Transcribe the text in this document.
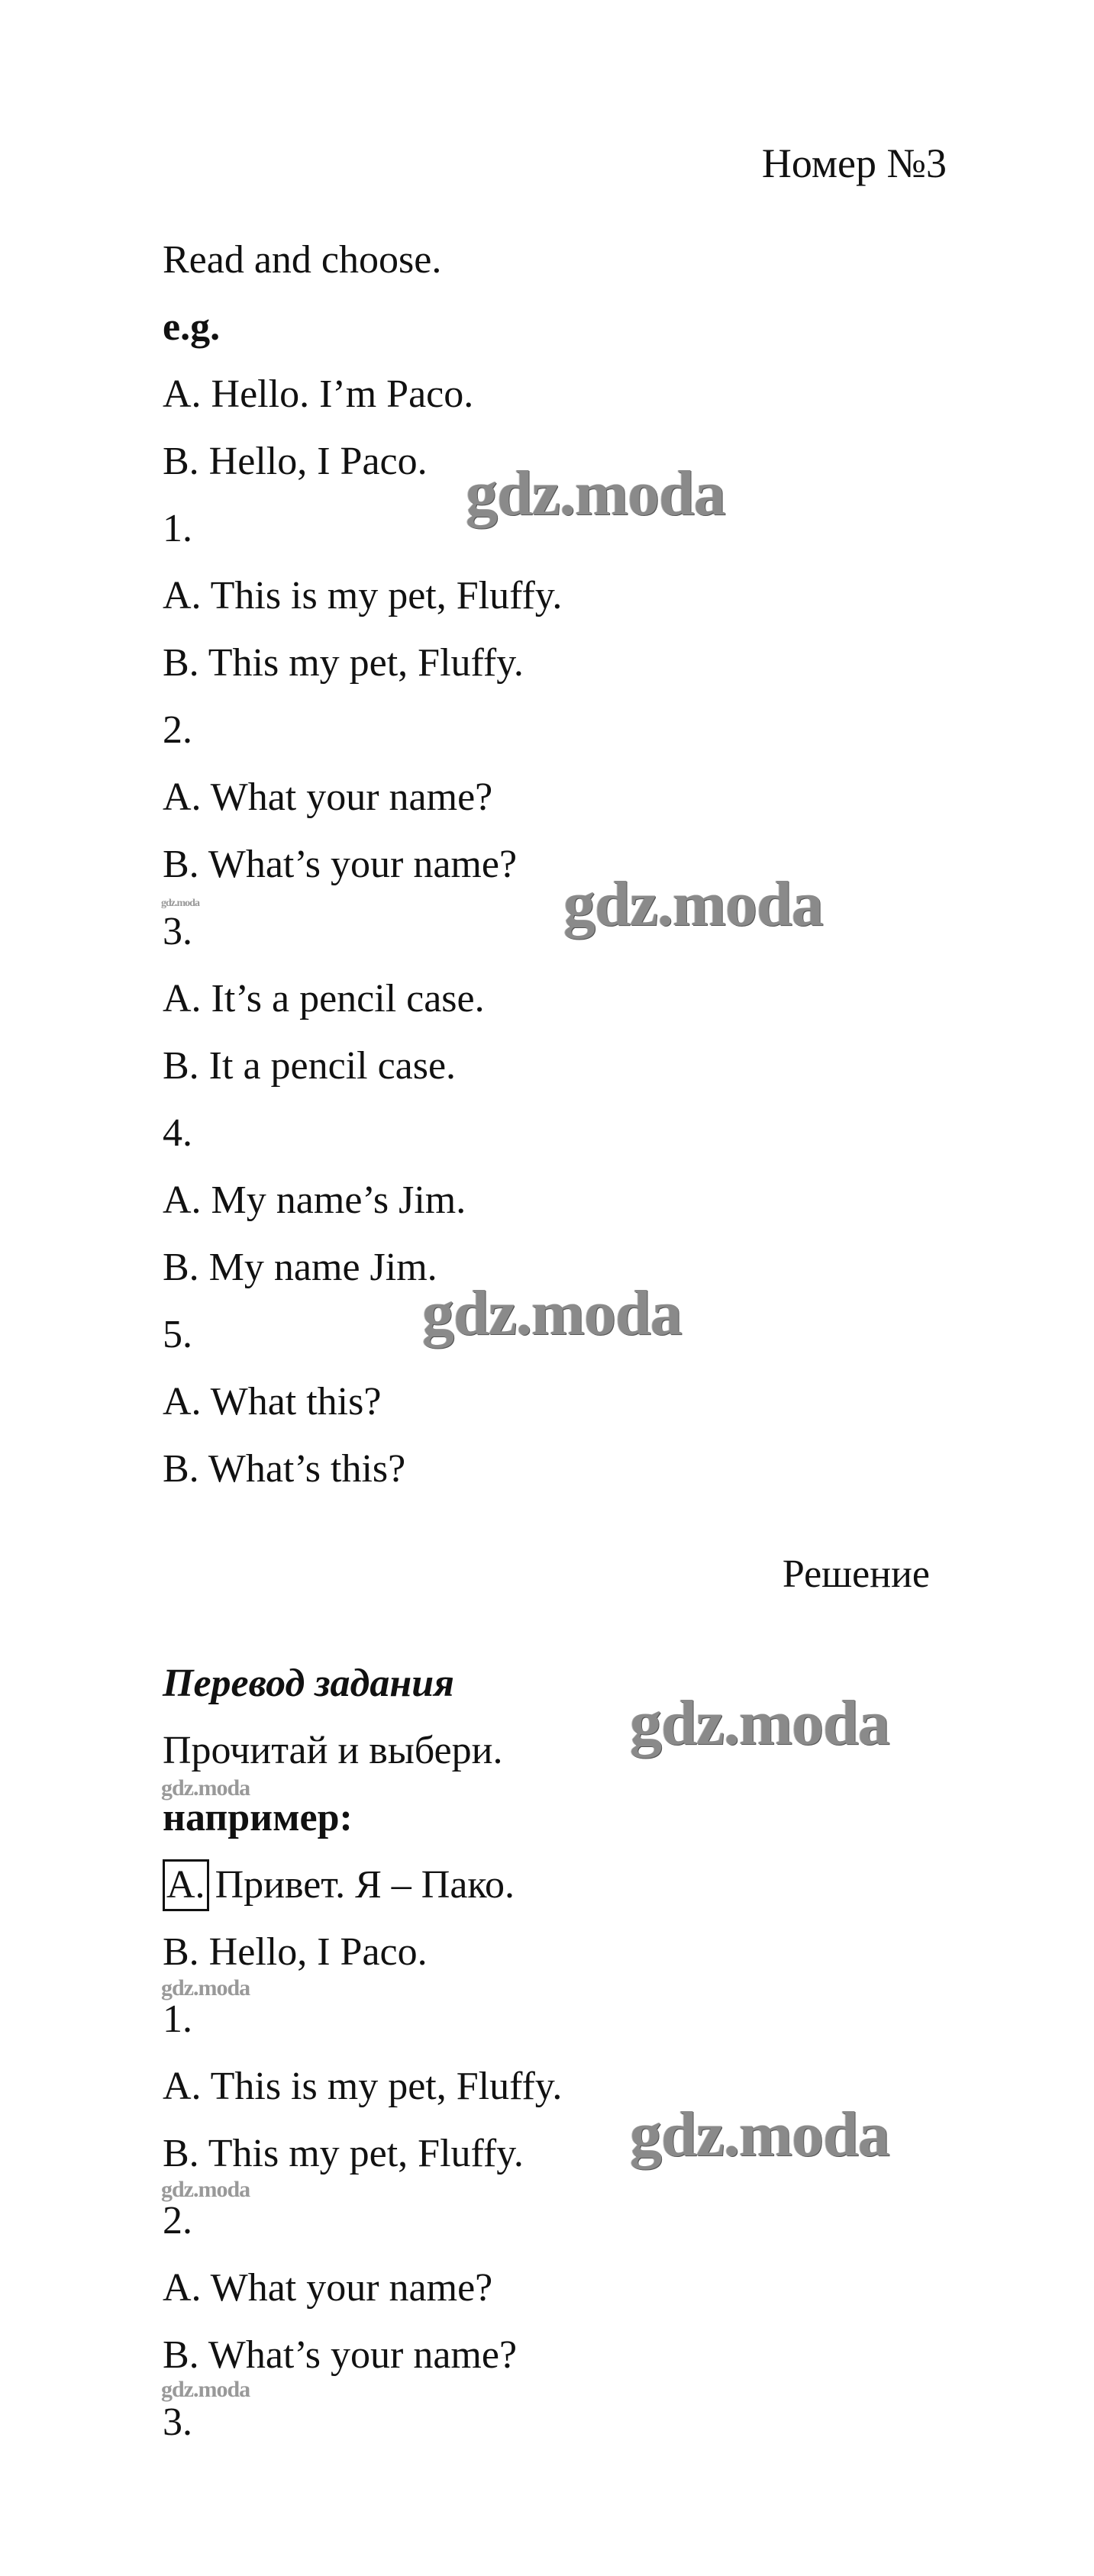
Номер №3
Read and choose.
e.g.
A. Hello. I’m Paco.
B. Hello, I Paco.
1.
A. This is my pet, Fluffy.
B. This my pet, Fluffy.
2.
A. What your name?
B. What’s your name?
3.
A. It’s a pencil case.
B. It a pencil case.
4.
A. My name’s Jim.
B. My name Jim.
5.
A. What this?
B. What’s this?
Решение
Перевод задания
Прочитай и выбери.
например:
A. Привет. Я – Пако.
B. Hello, I Paco.
1.
A. This is my pet, Fluffy.
B. This my pet, Fluffy.
2.
A. What your name?
B. What’s your name?
3.
gdz.moda
gdz.moda
gdz.moda
gdz.moda
gdz.moda
gdz.moda
gdz.moda
gdz.moda
gdz.moda
gdz.moda
